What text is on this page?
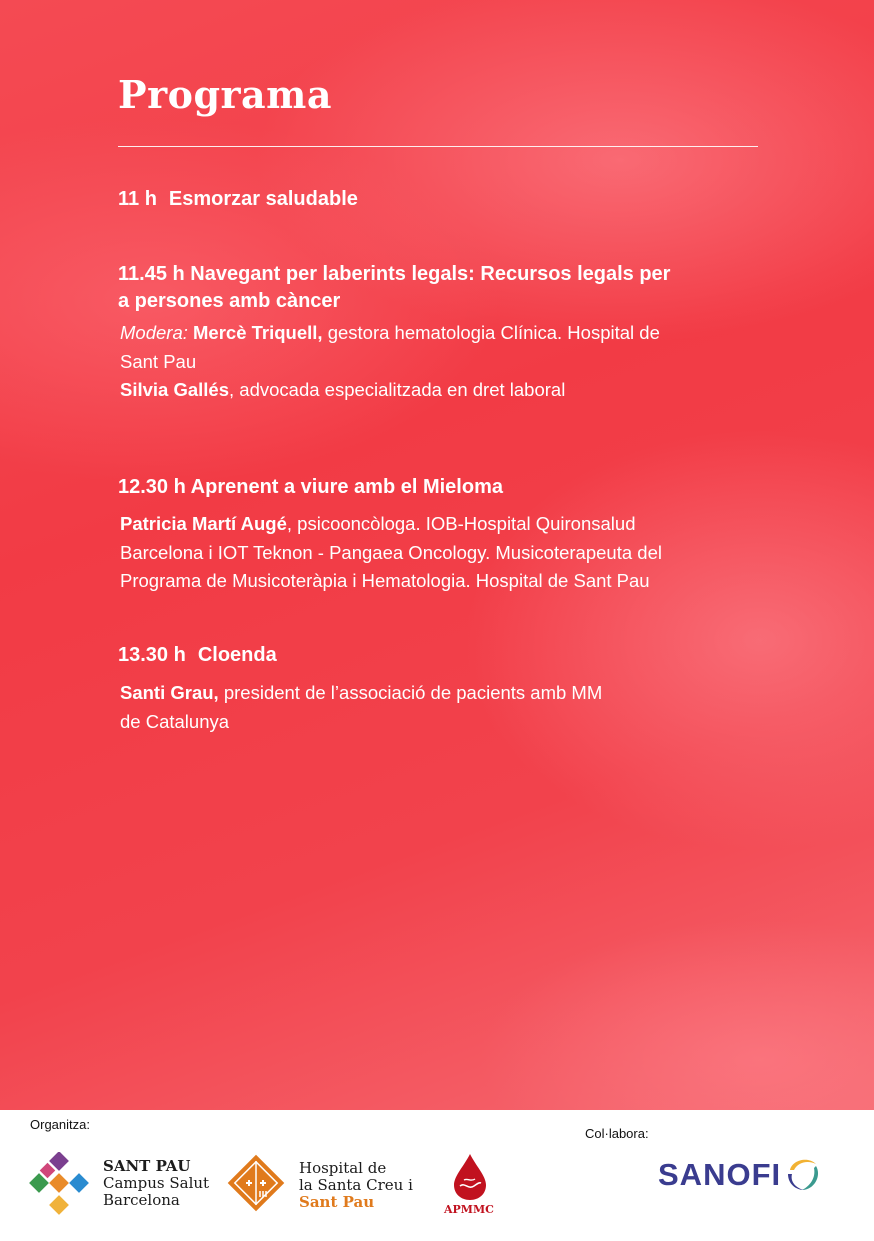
Programa

11 h Esmorzar saludable

11.45 h Navegant per laberints legals: Recursos legals per
a persones amb càncer

Modera: Mercè Triquell, gestora hematologia Clínica. Hospital de
Sant Pau
Silvia Gallés, advocada especialitzada en dret laboral

12.30 h Aprenent a viure amb el Mieloma

Patricia Martí Augé, psicooncòloga. IOB-Hospital Quironsalud
Barcelona i IOT Teknon - Pangaea Oncology. Musicoterapeuta del
Programa de Musicoteràpia i Hematologia. Hospital de Sant Pau

13.30 h Cloenda

Santi Grau, president de l’associació de pacients amb MM
de Catalunya

Organitza:
Col·labora:
SANT PAU
Campus Salut
Barcelona
Hospital de
la Santa Creu i
Sant Pau	APMMC
SANOFI
